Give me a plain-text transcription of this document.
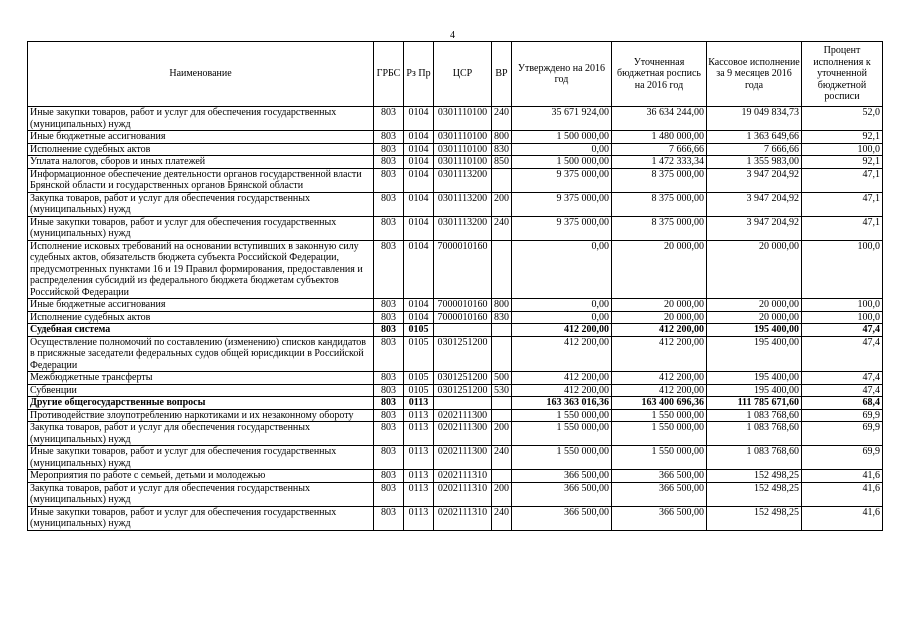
4
Наименование	ГРБС	Рз Пр	ЦСР	ВР	Утверждено на 2016 год	Уточненная бюджетная роспись на 2016 год	Кассовое исполнение за 9 месяцев 2016 года	Процент исполнения к уточненной бюджетной росписи
Иные закупки товаров, работ и услуг для обеспечения государственных (муниципальных) нужд	803	0104	0301110100	240	35 671 924,00	36 634 244,00	19 049 834,73	52,0
Иные бюджетные ассигнования	803	0104	0301110100	800	1 500 000,00	1 480 000,00	1 363 649,66	92,1
Исполнение судебных актов	803	0104	0301110100	830	0,00	7 666,66	7 666,66	100,0
Уплата налогов, сборов и иных платежей	803	0104	0301110100	850	1 500 000,00	1 472 333,34	1 355 983,00	92,1
Информационное обеспечение деятельности органов государственной власти Брянской области и государственных органов Брянской области	803	0104	0301113200		9 375 000,00	8 375 000,00	3 947 204,92	47,1
Закупка товаров, работ и услуг для обеспечения государственных (муниципальных) нужд	803	0104	0301113200	200	9 375 000,00	8 375 000,00	3 947 204,92	47,1
Иные закупки товаров, работ и услуг для обеспечения государственных (муниципальных) нужд	803	0104	0301113200	240	9 375 000,00	8 375 000,00	3 947 204,92	47,1
Исполнение исковых требований на основании вступивших в законную силу судебных актов, обязательств бюджета субъекта Российской Федерации, предусмотренных пунктами 16 и 19 Правил формирования, предоставления и распределения субсидий из федерального бюджета бюджетам субъектов Российской Федерации	803	0104	7000010160		0,00	20 000,00	20 000,00	100,0
Иные бюджетные ассигнования	803	0104	7000010160	800	0,00	20 000,00	20 000,00	100,0
Исполнение судебных актов	803	0104	7000010160	830	0,00	20 000,00	20 000,00	100,0
Судебная система	803	0105			412 200,00	412 200,00	195 400,00	47,4
Осуществление полномочий по составлению (изменению) списков кандидатов в присяжные заседатели федеральных судов общей юрисдикции в Российской Федерации	803	0105	0301251200		412 200,00	412 200,00	195 400,00	47,4
Межбюджетные трансферты	803	0105	0301251200	500	412 200,00	412 200,00	195 400,00	47,4
Субвенции	803	0105	0301251200	530	412 200,00	412 200,00	195 400,00	47,4
Другие общегосударственные вопросы	803	0113			163 363 016,36	163 400 696,36	111 785 671,60	68,4
Противодействие злоупотреблению наркотиками и их незаконному обороту	803	0113	0202111300		1 550 000,00	1 550 000,00	1 083 768,60	69,9
Закупка товаров, работ и услуг для обеспечения государственных (муниципальных) нужд	803	0113	0202111300	200	1 550 000,00	1 550 000,00	1 083 768,60	69,9
Иные закупки товаров, работ и услуг для обеспечения государственных (муниципальных) нужд	803	0113	0202111300	240	1 550 000,00	1 550 000,00	1 083 768,60	69,9
Мероприятия по работе с семьей, детьми и молодежью	803	0113	0202111310		366 500,00	366 500,00	152 498,25	41,6
Закупка товаров, работ и услуг для обеспечения государственных (муниципальных) нужд	803	0113	0202111310	200	366 500,00	366 500,00	152 498,25	41,6
Иные закупки товаров, работ и услуг для обеспечения государственных (муниципальных) нужд	803	0113	0202111310	240	366 500,00	366 500,00	152 498,25	41,6
